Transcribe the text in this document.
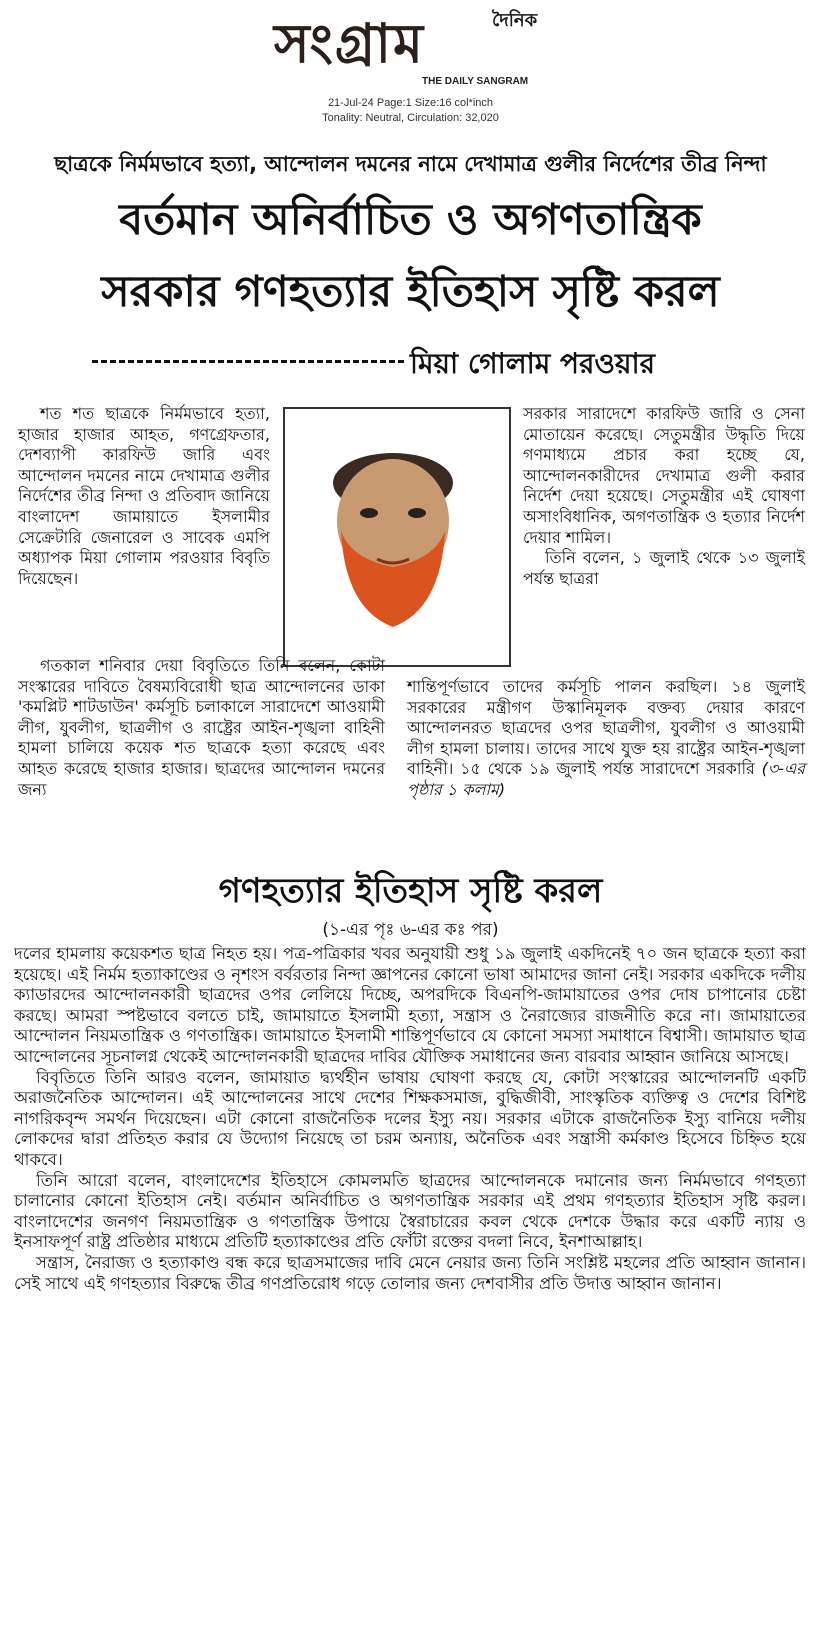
দৈনিক
সংগ্রাম
THE DAILY SANGRAM
21-Jul-24 Page:1 Size:16 col*inch
Tonality: Neutral, Circulation: 32,020
ছাত্রকে নির্মমভাবে হত্যা, আন্দোলন দমনের নামে দেখামাত্র গুলীর নির্দেশের তীব্র নিন্দা
বর্তমান অনির্বাচিত ও অগণতান্ত্রিক
সরকার গণহত্যার ইতিহাস সৃষ্টি করল
মিয়া গোলাম পরওয়ার

শত শত ছাত্রকে নির্মমভাবে হত্যা, হাজার হাজার আহত, গণগ্রেফতার, দেশব্যাপী কারফিউ জারি এবং আন্দোলন দমনের নামে দেখামাত্র গুলীর নির্দেশের তীব্র নিন্দা ও প্রতিবাদ জানিয়ে বাংলাদেশ জামায়াতে ইসলামীর সেক্রেটারি জেনারেল ও সাবেক এমপি অধ্যাপক মিয়া গোলাম পরওয়ার বিবৃতি দিয়েছেন।

সরকার সারাদেশে কারফিউ জারি ও সেনা মোতায়েন করেছে। সেতুমন্ত্রীর উদ্ধৃতি দিয়ে গণমাধ্যমে প্রচার করা হচ্ছে যে, আন্দোলনকারীদের দেখামাত্র গুলী করার নির্দেশ দেয়া হয়েছে। সেতুমন্ত্রীর এই ঘোষণা অসাংবিধানিক, অগণতান্ত্রিক ও হত্যার নির্দেশ দেয়ার শামিল।

তিনি বলেন, ১ জুলাই থেকে ১৩ জুলাই পর্যন্ত ছাত্ররা

গতকাল শনিবার দেয়া বিবৃতিতে তিনি বলেন, কোটা সংস্কারের দাবিতে বৈষম্যবিরোধী ছাত্র আন্দোলনের ডাকা 'কমপ্লিট শাটডাউন' কর্মসূচি চলাকালে সারাদেশে আওয়ামী লীগ, যুবলীগ, ছাত্রলীগ ও রাষ্ট্রের আইন-শৃঙ্খলা বাহিনী হামলা চালিয়ে কয়েক শত ছাত্রকে হত্যা করেছে এবং আহত করেছে হাজার হাজার। ছাত্রদের আন্দোলন দমনের জন্য

শান্তিপূর্ণভাবে তাদের কর্মসূচি পালন করছিল। ১৪ জুলাই সরকারের মন্ত্রীগণ উস্কানিমূলক বক্তব্য দেয়ার কারণে আন্দোলনরত ছাত্রদের ওপর ছাত্রলীগ, যুবলীগ ও আওয়ামী লীগ হামলা চালায়। তাদের সাথে যুক্ত হয় রাষ্ট্রের আইন-শৃঙ্খলা বাহিনী। ১৫ থেকে ১৯ জুলাই পর্যন্ত সারাদেশে সরকারি (৩-এর পৃষ্ঠার ১ কলাম)

গণহত্যার ইতিহাস সৃষ্টি করল
(১-এর পৃঃ ৬-এর কঃ পর)

দলের হামলায় কয়েকশত ছাত্র নিহত হয়। পত্র-পত্রিকার খবর অনুযায়ী শুধু ১৯ জুলাই একদিনেই ৭০ জন ছাত্রকে হত্যা করা হয়েছে। এই নির্মম হত্যাকাণ্ডের ও নৃশংস বর্বরতার নিন্দা জ্ঞাপনের কোনো ভাষা আমাদের জানা নেই। সরকার একদিকে দলীয় ক্যাডারদের আন্দোলনকারী ছাত্রদের ওপর লেলিয়ে দিচ্ছে, অপরদিকে বিএনপি-জামায়াতের ওপর দোষ চাপানোর চেষ্টা করছে। আমরা স্পষ্টভাবে বলতে চাই, জামায়াতে ইসলামী হত্যা, সন্ত্রাস ও নৈরাজ্যের রাজনীতি করে না। জামায়াতের আন্দোলন নিয়মতান্ত্রিক ও গণতান্ত্রিক। জামায়াতে ইসলামী শান্তিপূর্ণভাবে যে কোনো সমস্যা সমাধানে বিশ্বাসী। জামায়াত ছাত্র আন্দোলনের সূচনালগ্ন থেকেই আন্দোলনকারী ছাত্রদের দাবির যৌক্তিক সমাধানের জন্য বারবার আহ্বান জানিয়ে আসছে।

বিবৃতিতে তিনি আরও বলেন, জামায়াত দ্ব্যর্থহীন ভাষায় ঘোষণা করছে যে, কোটা সংস্কারের আন্দোলনটি একটি অরাজনৈতিক আন্দোলন। এই আন্দোলনের সাথে দেশের শিক্ষকসমাজ, বুদ্ধিজীবী, সাংস্কৃতিক ব্যক্তিত্ব ও দেশের বিশিষ্ট নাগরিকবৃন্দ সমর্থন দিয়েছেন। এটা কোনো রাজনৈতিক দলের ইস্যু নয়। সরকার এটাকে রাজনৈতিক ইস্যু বানিয়ে দলীয় লোকদের দ্বারা প্রতিহত করার যে উদ্যোগ নিয়েছে তা চরম অন্যায়, অনৈতিক এবং সন্ত্রাসী কর্মকাণ্ড হিসেবে চিহ্নিত হয়ে থাকবে।

তিনি আরো বলেন, বাংলাদেশের ইতিহাসে কোমলমতি ছাত্রদের আন্দোলনকে দমানোর জন্য নির্মমভাবে গণহত্যা চালানোর কোনো ইতিহাস নেই। বর্তমান অনির্বাচিত ও অগণতান্ত্রিক সরকার এই প্রথম গণহত্যার ইতিহাস সৃষ্টি করল। বাংলাদেশের জনগণ নিয়মতান্ত্রিক ও গণতান্ত্রিক উপায়ে স্বৈরাচারের কবল থেকে দেশকে উদ্ধার করে একটি ন্যায় ও ইনসাফপূর্ণ রাষ্ট্র প্রতিষ্ঠার মাধ্যমে প্রতিটি হত্যাকাণ্ডের প্রতি ফোঁটা রক্তের বদলা নিবে, ইনশাআল্লাহ।

সন্ত্রাস, নৈরাজ্য ও হত্যাকাণ্ড বন্ধ করে ছাত্রসমাজের দাবি মেনে নেয়ার জন্য তিনি সংশ্লিষ্ট মহলের প্রতি আহ্বান জানান। সেই সাথে এই গণহত্যার বিরুদ্ধে তীব্র গণপ্রতিরোধ গড়ে তোলার জন্য দেশবাসীর প্রতি উদাত্ত আহ্বান জানান।
